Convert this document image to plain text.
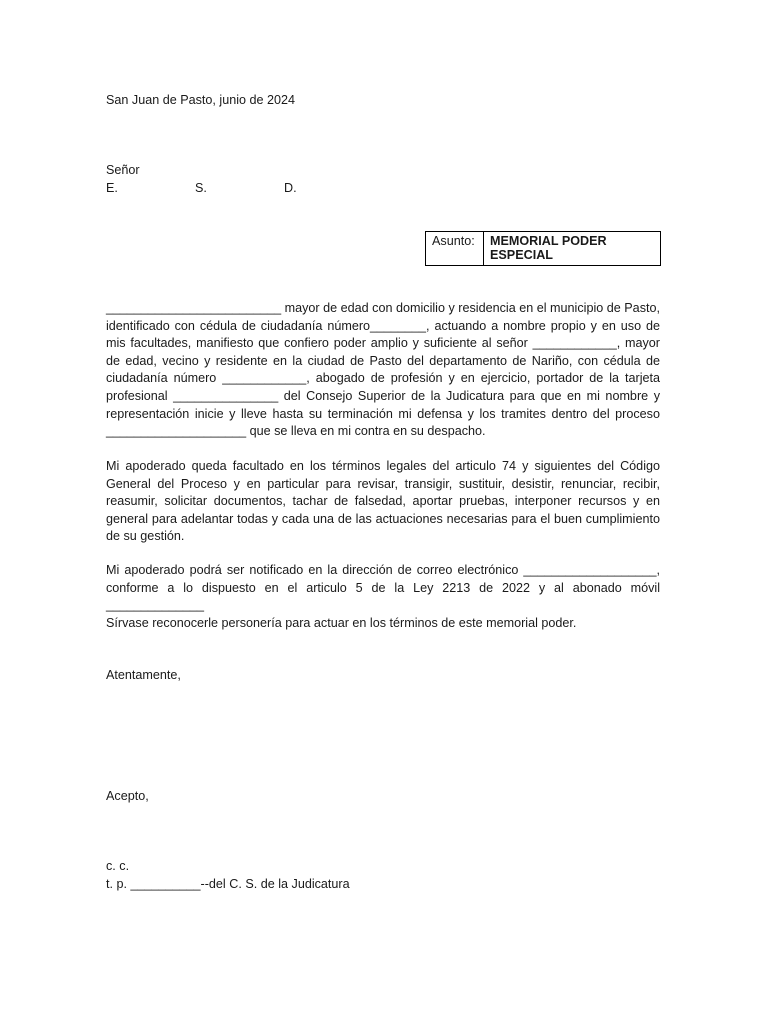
San Juan de Pasto, junio de 2024
Señor
E.	S.	D.
Asunto:	MEMORIAL PODER ESPECIAL
_________________________ mayor de edad con domicilio y residencia en el municipio de Pasto, identificado con cédula de ciudadanía número________, actuando a nombre propio y en uso de mis facultades, manifiesto que confiero poder amplio y suficiente al señor ____________, mayor de edad, vecino y residente en la ciudad de Pasto del departamento de Nariño, con cédula de ciudadanía número ____________, abogado de profesión y en ejercicio, portador de la tarjeta profesional _______________ del Consejo Superior de la Judicatura para que en mi nombre y representación inicie y lleve hasta su terminación mi defensa y los tramites dentro del proceso ____________________ que se lleva en mi contra en su despacho.
Mi apoderado queda facultado en los términos legales del articulo 74 y siguientes del Código General del Proceso y en particular para revisar, transigir, sustituir, desistir, renunciar, recibir, reasumir, solicitar documentos, tachar de falsedad, aportar pruebas, interponer recursos y en general para adelantar todas y cada una de las actuaciones necesarias para el buen cumplimiento de su gestión.
Mi apoderado podrá ser notificado en la dirección de correo electrónico ___________________, conforme a lo dispuesto en el articulo 5 de la Ley 2213 de 2022 y al abonado móvil ______________
Sírvase reconocerle personería para actuar en los términos de este memorial poder.
Atentamente,
Acepto,
c. c.
t. p. __________--del C. S. de la Judicatura
